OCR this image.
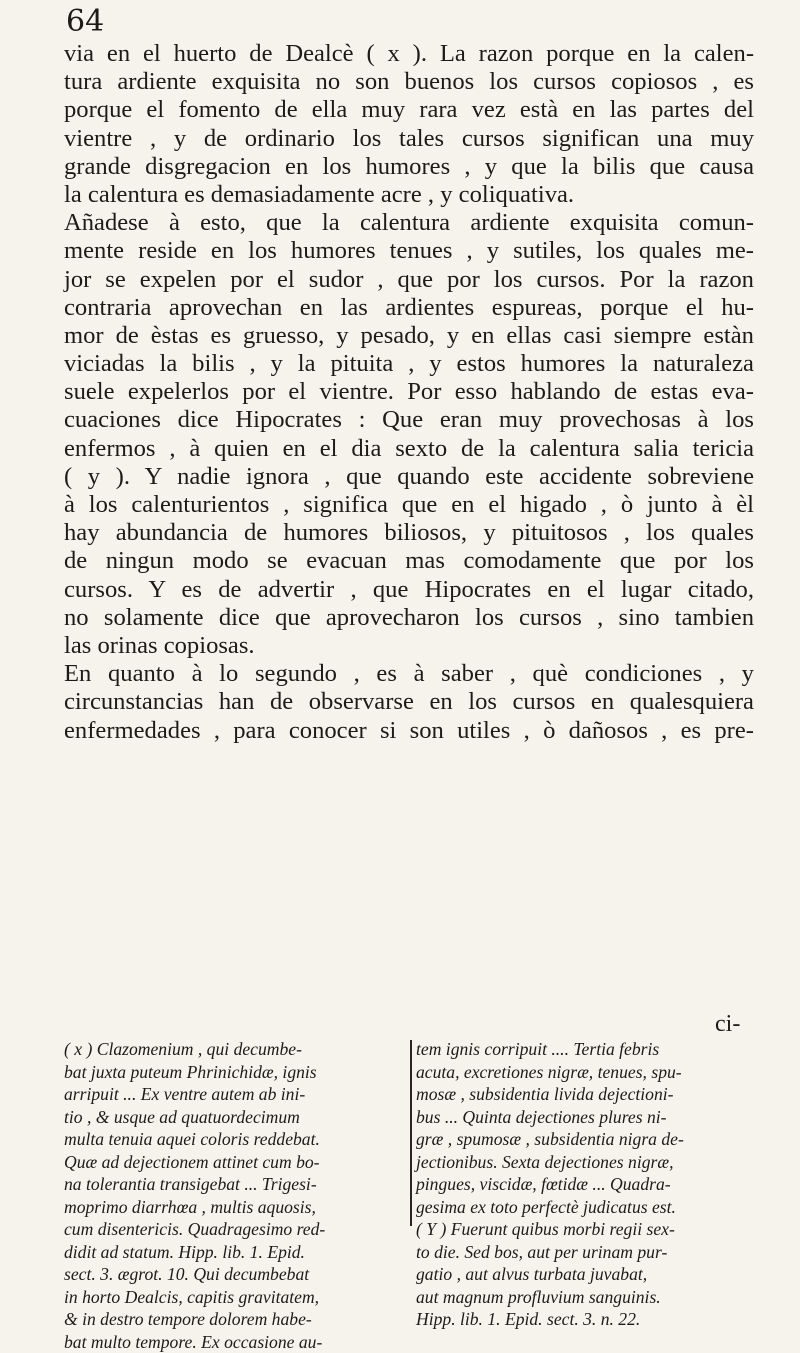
64
via en el huerto de Dealcè ( x ). La razon porque en la calen-
tura ardiente exquisita no son buenos los cursos copiosos , es
porque el fomento de ella muy rara vez està en las partes del
vientre , y de ordinario los tales cursos significan una muy
grande disgregacion en los humores , y que la bilis que causa
la calentura es demasiadamente acre , y coliquativa.
Añadese à esto, que la calentura ardiente exquisita comun-
mente reside en los humores tenues , y sutiles, los quales me-
jor se expelen por el sudor , que por los cursos. Por la razon
contraria aprovechan en las ardientes espureas, porque el hu-
mor de èstas es gruesso, y pesado, y en ellas casi siempre estàn
viciadas la bilis , y la pituita , y estos humores la naturaleza
suele expelerlos por el vientre. Por esso hablando de estas eva-
cuaciones dice Hipocrates : Que eran muy provechosas à los
enfermos , à quien en el dia sexto de la calentura salia tericia
( y ). Y nadie ignora , que quando este accidente sobreviene
à los calenturientos , significa que en el higado , ò junto à èl
hay abundancia de humores biliosos, y pituitosos , los quales
de ningun modo se evacuan mas comodamente que por los
cursos. Y es de advertir , que Hipocrates en el lugar citado,
no solamente dice que aprovecharon los cursos , sino tambien
las orinas copiosas.
En quanto à lo segundo , es à saber , què condiciones , y
circunstancias han de observarse en los cursos en qualesquiera
enfermedades , para conocer si son utiles , ò dañosos , es pre-
ci-
( x ) Clazomenium , qui decumbe-
bat juxta puteum Phrinichidæ, ignis
arripuit ... Ex ventre autem ab ini-
tio , & usque ad quatuordecimum
multa tenuia aquei coloris reddebat.
Quæ ad dejectionem attinet cum bo-
na tolerantia transigebat ... Trigesi-
moprimo diarrhœa , multis aquosis,
cum disentericis. Quadragesimo red-
didit ad statum. Hipp. lib. 1. Epid.
sect. 3. ægrot. 10. Qui decumbebat
in horto Dealcis, capitis gravitatem,
& in destro tempore dolorem habe-
bat multo tempore. Ex occasione au-
tem ignis corripuit .... Tertia febris
acuta, excretiones nigræ, tenues, spu-
mosæ , subsidentia livida dejectioni-
bus ... Quinta dejectiones plures ni-
græ , spumosæ , subsidentia nigra de-
jectionibus. Sexta dejectiones nigræ,
pingues, viscidæ, fœtidæ ... Quadra-
gesima ex toto perfectè judicatus est.
( Y ) Fuerunt quibus morbi regii sex-
to die. Sed bos, aut per urinam pur-
gatio , aut alvus turbata juvabat,
aut magnum profluvium sanguinis.
Hipp. lib. 1. Epid. sect. 3. n. 22.
